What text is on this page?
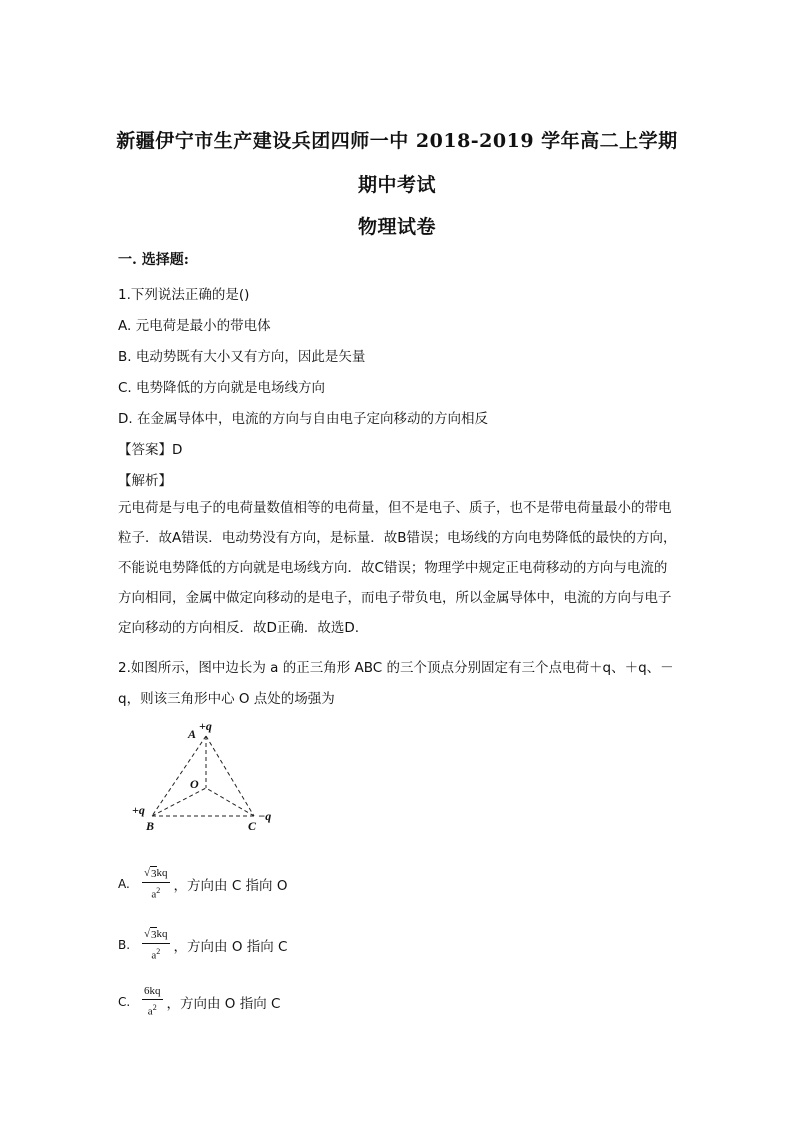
新疆伊宁市生产建设兵团四师一中 2018-2019 学年高二上学期
期中考试
物理试卷
一. 选择题:
1.下列说法正确的是()
A. 元电荷是最小的带电体
B. 电动势既有大小又有方向，因此是矢量
C. 电势降低的方向就是电场线方向
D. 在金属导体中，电流的方向与自由电子定向移动的方向相反
【答案】D
【解析】
元电荷是与电子的电荷量数值相等的电荷量，但不是电子、质子，也不是带电荷量最小的带电粒子．故A错误．电动势没有方向，是标量．故B错误；电场线的方向电势降低的最快的方向，不能说电势降低的方向就是电场线方向．故C错误；物理学中规定正电荷移动的方向与电流的方向相同，金属中做定向移动的是电子，而电子带负电，所以金属导体中，电流的方向与电子定向移动的方向相反．故D正确．故选D.
2.如图所示，图中边长为 a 的正三角形 ABC 的三个顶点分别固定有三个点电荷＋q、＋q、－
q，则该三角形中心 O 点处的场强为
A
+q
O
+q
B	C
−q
A.	$\frac{√ 3 kq}{a^2}$ ，方向由 C 指向 O
B.	$\frac{√ 3 kq}{a^2}$ ，方向由 O 指向 C
C.	$\frac{6kq}{a^2}$ ，方向由 O 指向 C
